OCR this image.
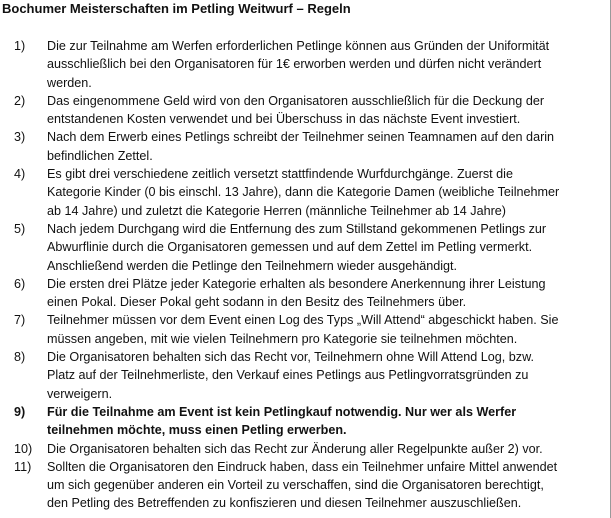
Bochumer Meisterschaften im Petling Weitwurf – Regeln
1)	Die zur Teilnahme am Werfen erforderlichen Petlinge können aus Gründen der Uniformität
ausschließlich bei den Organisatoren für 1€ erworben werden und dürfen nicht verändert
werden.
2)	Das eingenommene Geld wird von den Organisatoren ausschließlich für die Deckung der
entstandenen Kosten verwendet und bei Überschuss in das nächste Event investiert.
3)	Nach dem Erwerb eines Petlings schreibt der Teilnehmer seinen Teamnamen auf den darin
befindlichen Zettel.
4)	Es gibt drei verschiedene zeitlich versetzt stattfindende Wurfdurchgänge. Zuerst die
Kategorie Kinder (0 bis einschl. 13 Jahre), dann die Kategorie Damen (weibliche Teilnehmer
ab 14 Jahre) und zuletzt die Kategorie Herren (männliche Teilnehmer ab 14 Jahre)
5)	Nach jedem Durchgang wird die Entfernung des zum Stillstand gekommenen Petlings zur
Abwurflinie durch die Organisatoren gemessen und auf dem Zettel im Petling vermerkt.
Anschließend werden die Petlinge den Teilnehmern wieder ausgehändigt.
6)	Die ersten drei Plätze jeder Kategorie erhalten als besondere Anerkennung ihrer Leistung
einen Pokal. Dieser Pokal geht sodann in den Besitz des Teilnehmers über.
7)	Teilnehmer müssen vor dem Event einen Log des Typs „Will Attend“ abgeschickt haben. Sie
müssen angeben, mit wie vielen Teilnehmern pro Kategorie sie teilnehmen möchten.
8)	Die Organisatoren behalten sich das Recht vor, Teilnehmern ohne Will Attend Log, bzw.
Platz auf der Teilnehmerliste, den Verkauf eines Petlings aus Petlingvorratsgründen zu
verweigern.
9)	Für die Teilnahme am Event ist kein Petlingkauf notwendig. Nur wer als Werfer
teilnehmen möchte, muss einen Petling erwerben.
10)	Die Organisatoren behalten sich das Recht zur Änderung aller Regelpunkte außer 2) vor.
11)	Sollten die Organisatoren den Eindruck haben, dass ein Teilnehmer unfaire Mittel anwendet
um sich gegenüber anderen ein Vorteil zu verschaffen, sind die Organisatoren berechtigt,
den Petling des Betreffenden zu konfiszieren und diesen Teilnehmer auszuschließen.
